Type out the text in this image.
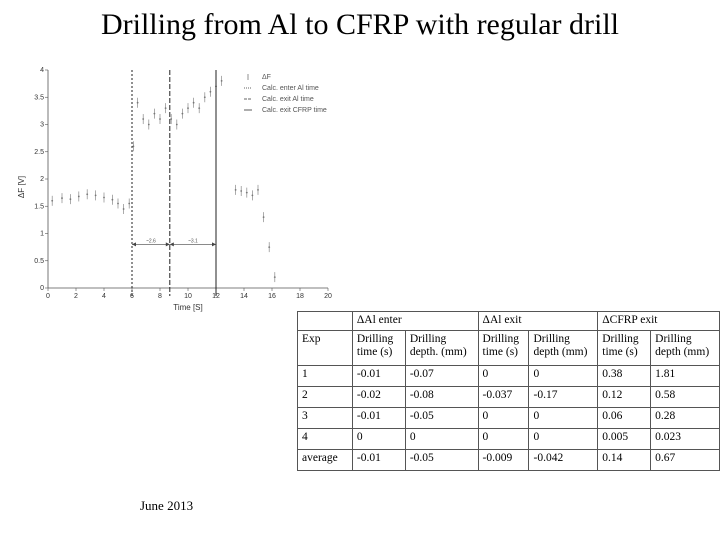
Drilling from Al to CFRP with regular drill
0	2	4	6	8	10	12	14	16	18	20
0
0.5
1
1.5
2
2.5
3
3.5
4
Time [S]
ΔF [V]
~2.6	~3.1
ΔF
Calc. enter Al time
Calc. exit Al time
Calc. exit CFRP time
	ΔAl enter		ΔAl exit		ΔCFRP exit	
Exp	Drilling time (s)	Drilling depth. (mm)	Drilling time (s)	Drilling depth (mm)	Drilling time (s)	Drilling depth (mm)
1	-0.01	-0.07	0	0	0.38	1.81
2	-0.02	-0.08	-0.037	-0.17	0.12	0.58
3	-0.01	-0.05	0	0	0.06	0.28
4	0	0	0	0	0.005	0.023
average	-0.01	-0.05	-0.009	-0.042	0.14	0.67
June 2013
